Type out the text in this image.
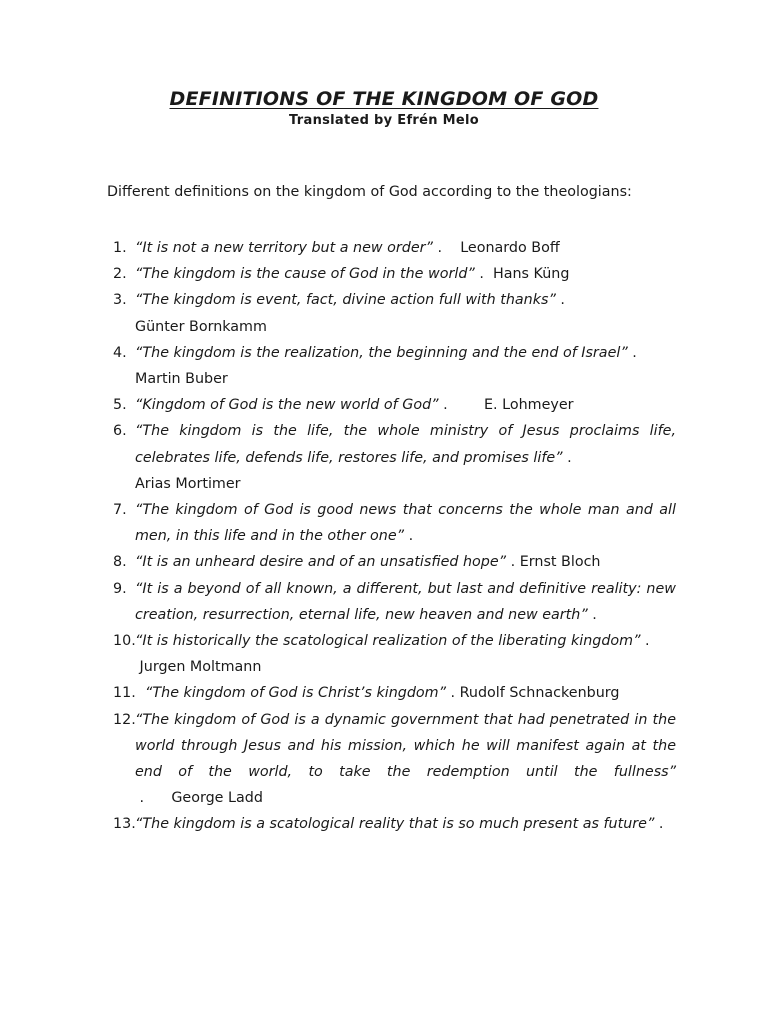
DEFINITIONS OF THE KINGDOM OF GOD
Translated by Efrén Melo
Different definitions on the kingdom of God according to the theologians:
1. “It is not a new territory but a new order” .    Leonardo Boff
2. “The kingdom is the cause of God in the world” .  Hans Küng
3. “The kingdom is event, fact, divine action full with thanks” .
Günter Bornkamm
4. “The kingdom is the realization, the beginning and the end of Israel” .
Martin Buber
5. “Kingdom of God is the new world of God” .        E. Lohmeyer
6. “The kingdom is the life, the whole ministry of Jesus proclaims life, celebrates life, defends life, restores life, and promises life” .
Arias Mortimer
7. “The kingdom of God is good news that concerns the whole man and all men, in this life and in the other one” .
8. “It is an unheard desire and of an unsatisfied hope” . Ernst Bloch
9. “It is a beyond of all known, a different, but last and definitive reality: new creation, resurrection, eternal life, new heaven and new earth” .
10. “It is historically the scatological realization of the liberating kingdom” .
Jurgen Moltmann
11. “The kingdom of God is Christ’s kingdom” . Rudolf Schnackenburg
12. “The kingdom of God is a dynamic government that had penetrated in the world through Jesus and his mission, which he will manifest again at the end of the world, to take the redemption until the fullness” .      George Ladd
13. “The kingdom is a scatological reality that is so much present as future” .
